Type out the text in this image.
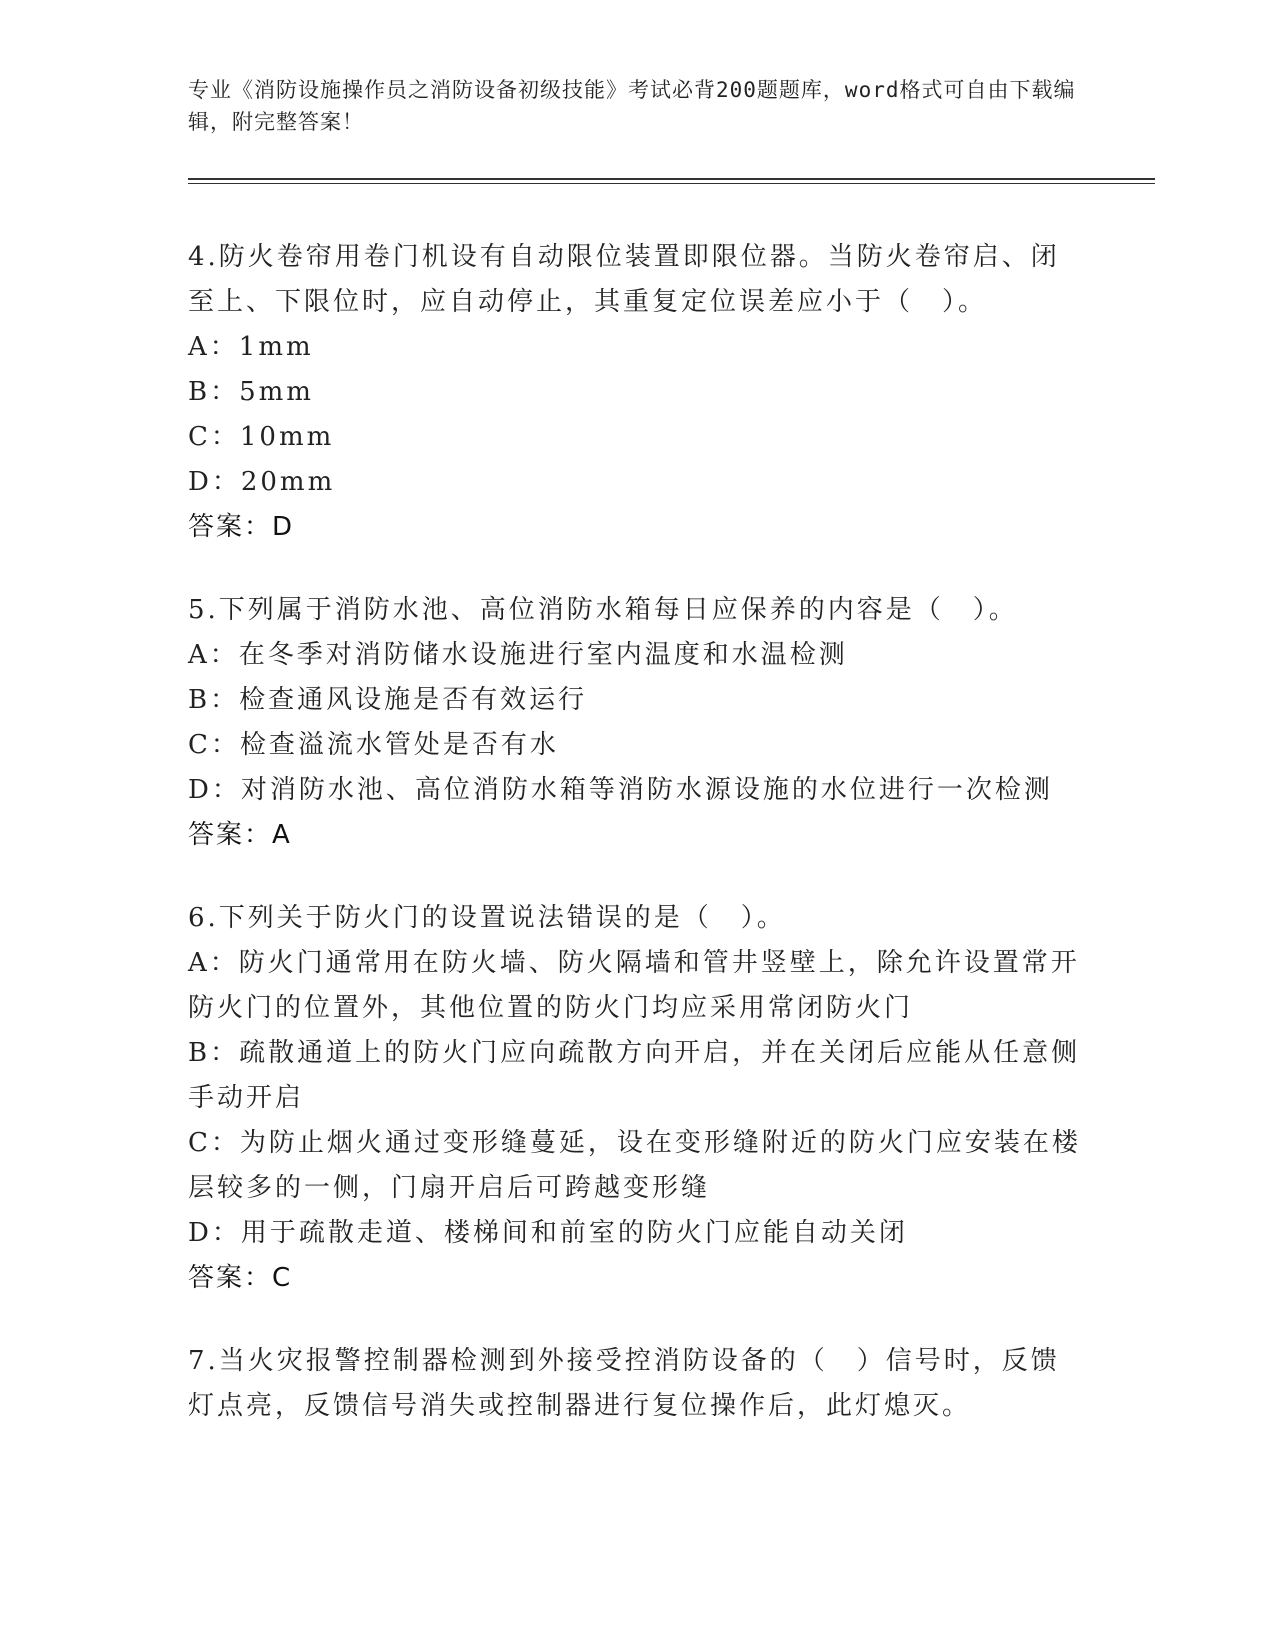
专业《消防设施操作员之消防设备初级技能》考试必背200题题库，word格式可自由下载编辑，附完整答案！
4.防火卷帘用卷门机设有自动限位装置即限位器。当防火卷帘启、闭至上、下限位时，应自动停止，其重复定位误差应小于（　）。
A：1mm
B：5mm
C：10mm
D：20mm
答案：D
5.下列属于消防水池、高位消防水箱每日应保养的内容是（　）。
A：在冬季对消防储水设施进行室内温度和水温检测
B：检查通风设施是否有效运行
C：检查溢流水管处是否有水
D：对消防水池、高位消防水箱等消防水源设施的水位进行一次检测
答案：A
6.下列关于防火门的设置说法错误的是（　）。
A：防火门通常用在防火墙、防火隔墙和管井竖壁上，除允许设置常开防火门的位置外，其他位置的防火门均应采用常闭防火门
B：疏散通道上的防火门应向疏散方向开启，并在关闭后应能从任意侧手动开启
C：为防止烟火通过变形缝蔓延，设在变形缝附近的防火门应安装在楼层较多的一侧，门扇开启后可跨越变形缝
D：用于疏散走道、楼梯间和前室的防火门应能自动关闭
答案：C
7.当火灾报警控制器检测到外接受控消防设备的（　）信号时，反馈灯点亮，反馈信号消失或控制器进行复位操作后，此灯熄灭。
